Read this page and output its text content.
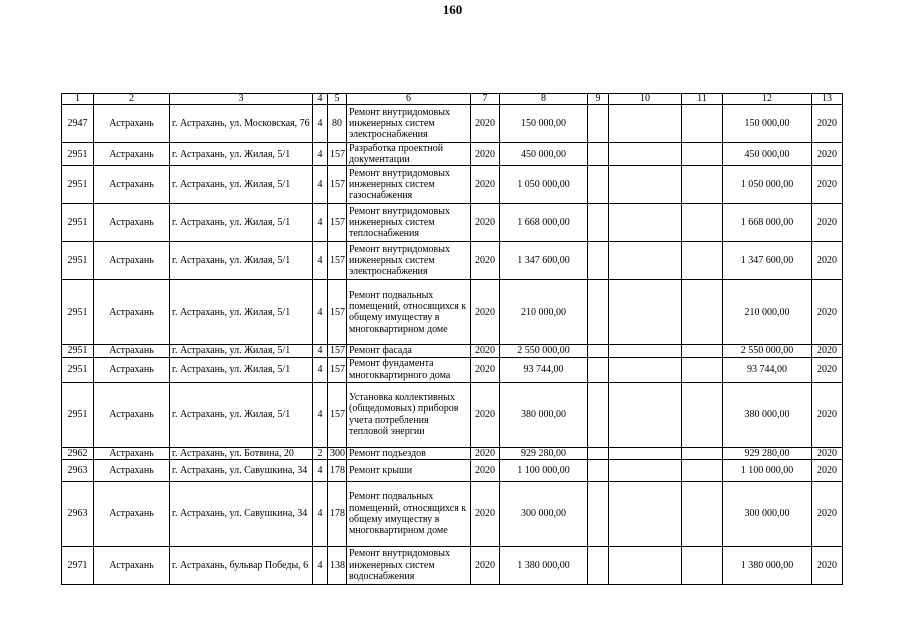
160
1	2	3	4	5	6	7	8	9	10	11	12	13
2947	Астрахань	г. Астрахань, ул. Московская, 76	4	80	Ремонт внутридомовых инженерных систем электроснабжения	2020	150 000,00				150 000,00	2020
2951	Астрахань	г. Астрахань, ул. Жилая, 5/1	4	157	Разработка проектной документации	2020	450 000,00				450 000,00	2020
2951	Астрахань	г. Астрахань, ул. Жилая, 5/1	4	157	Ремонт внутридомовых инженерных систем газоснабжения	2020	1 050 000,00				1 050 000,00	2020
2951	Астрахань	г. Астрахань, ул. Жилая, 5/1	4	157	Ремонт внутридомовых инженерных систем теплоснабжения	2020	1 668 000,00				1 668 000,00	2020
2951	Астрахань	г. Астрахань, ул. Жилая, 5/1	4	157	Ремонт внутридомовых инженерных систем электроснабжения	2020	1 347 600,00				1 347 600,00	2020
2951	Астрахань	г. Астрахань, ул. Жилая, 5/1	4	157	Ремонт подвальных помещений, относящихся к общему имуществу в многоквартирном доме	2020	210 000,00				210 000,00	2020
2951	Астрахань	г. Астрахань, ул. Жилая, 5/1	4	157	Ремонт фасада	2020	2 550 000,00				2 550 000,00	2020
2951	Астрахань	г. Астрахань, ул. Жилая, 5/1	4	157	Ремонт фундамента многоквартирного дома	2020	93 744,00				93 744,00	2020
2951	Астрахань	г. Астрахань, ул. Жилая, 5/1	4	157	Установка коллективных (общедомовых) приборов учета потребления тепловой энергии	2020	380 000,00				380 000,00	2020
2962	Астрахань	г. Астрахань, ул. Ботвина, 20	2	300	Ремонт подъездов	2020	929 280,00				929 280,00	2020
2963	Астрахань	г. Астрахань, ул. Савушкина, 34	4	178	Ремонт крыши	2020	1 100 000,00				1 100 000,00	2020
2963	Астрахань	г. Астрахань, ул. Савушкина, 34	4	178	Ремонт подвальных помещений, относящихся к общему имуществу в многоквартирном доме	2020	300 000,00				300 000,00	2020
2971	Астрахань	г. Астрахань, бульвар Победы, 6	4	138	Ремонт внутридомовых инженерных систем водоснабжения	2020	1 380 000,00				1 380 000,00	2020
